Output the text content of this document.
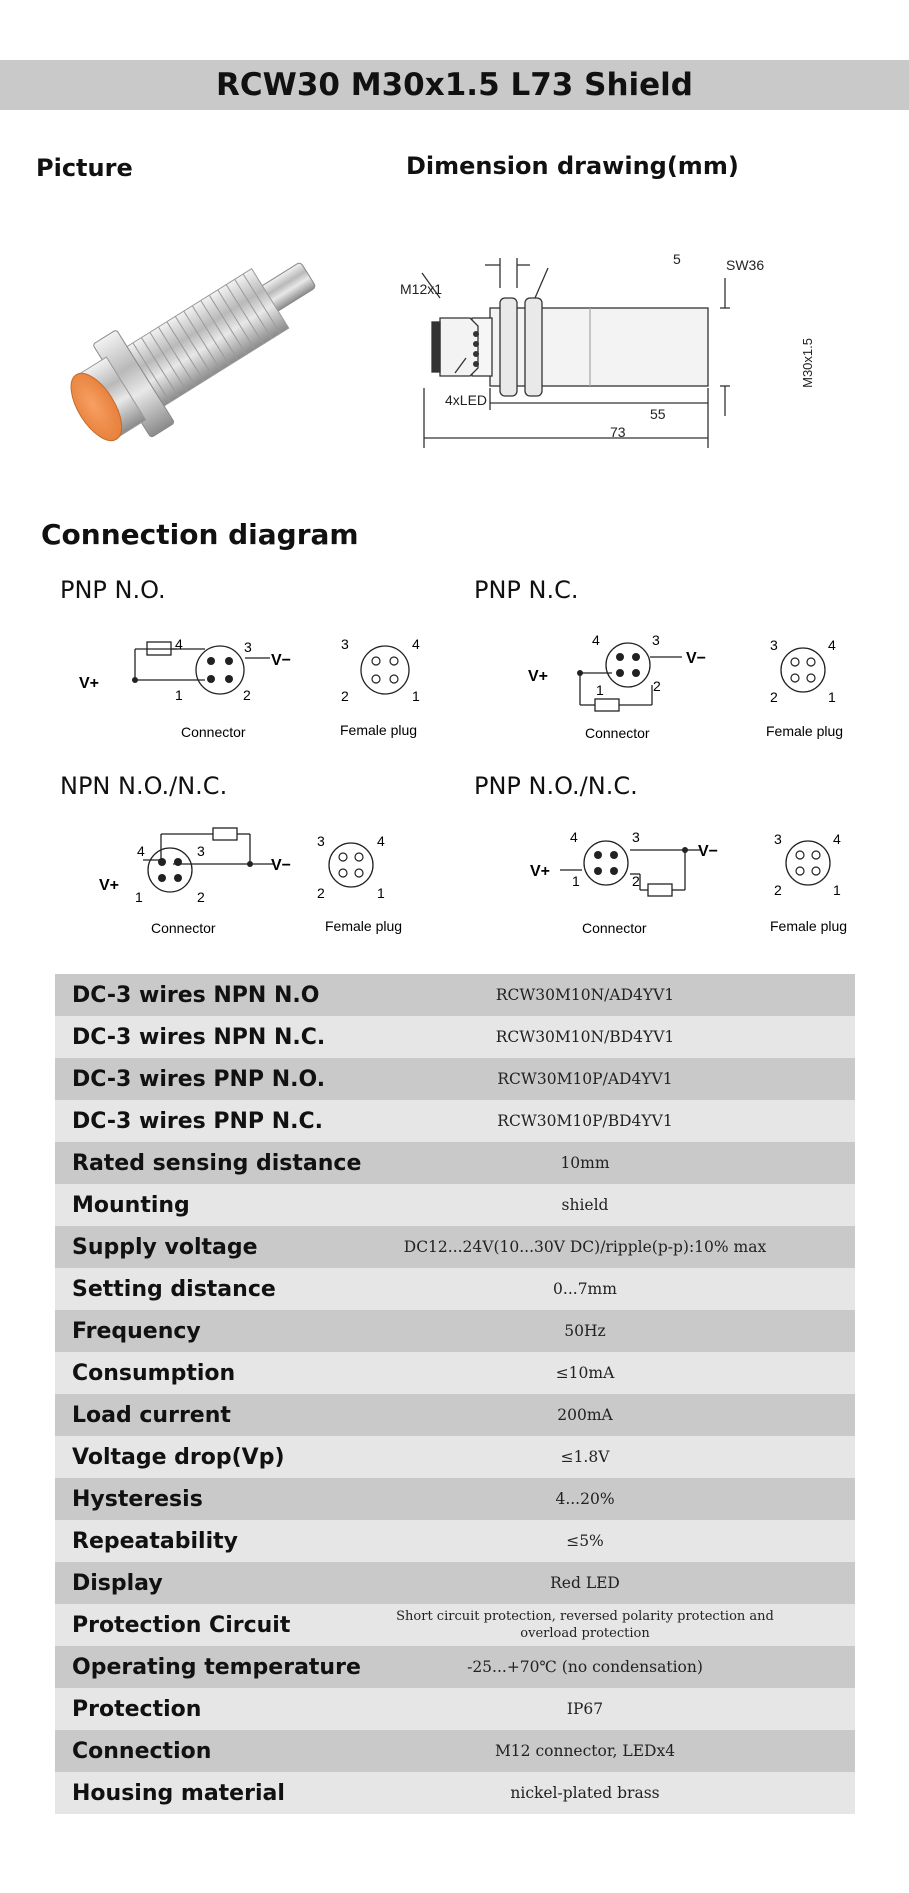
RCW30 M30x1.5 L73 Shield
Picture	Dimension drawing(mm)
M12x1
4xLED
5	SW36
55
73
M30x1.5
Connection diagram
PNP N.O.	PNP N.C.
NPN N.O./N.C.	PNP N.O./N.C.
V+
V−
4	3
1	2
3	4
2	1
Connector	Female plug
V+
V−
4	3
1	2
3	4
2	1
Connector	Female plug
V+
V−
4	3
1	2
3	4
2	1
Connector	Female plug
V+
V−
4	3
1	2
3	4
2	1
Connector	Female plug
DC-3 wires NPN N.O	RCW30M10N/AD4YV1
DC-3 wires NPN N.C.	RCW30M10N/BD4YV1
DC-3 wires PNP N.O.	RCW30M10P/AD4YV1
DC-3 wires PNP N.C.	RCW30M10P/BD4YV1
Rated sensing distance	10mm
Mounting	shield
Supply voltage	DC12...24V(10...30V DC)/ripple(p-p):10% max
Setting distance	0...7mm
Frequency	50Hz
Consumption	≤10mA
Load current	200mA
Voltage drop(Vp)	≤1.8V
Hysteresis	4...20%
Repeatability	≤5%
Display	Red LED
Protection Circuit	Short circuit protection, reversed polarity protection and overload protection
Operating temperature	-25...+70℃ (no condensation)
Protection	IP67
Connection	M12 connector, LEDx4
Housing material	nickel-plated brass
